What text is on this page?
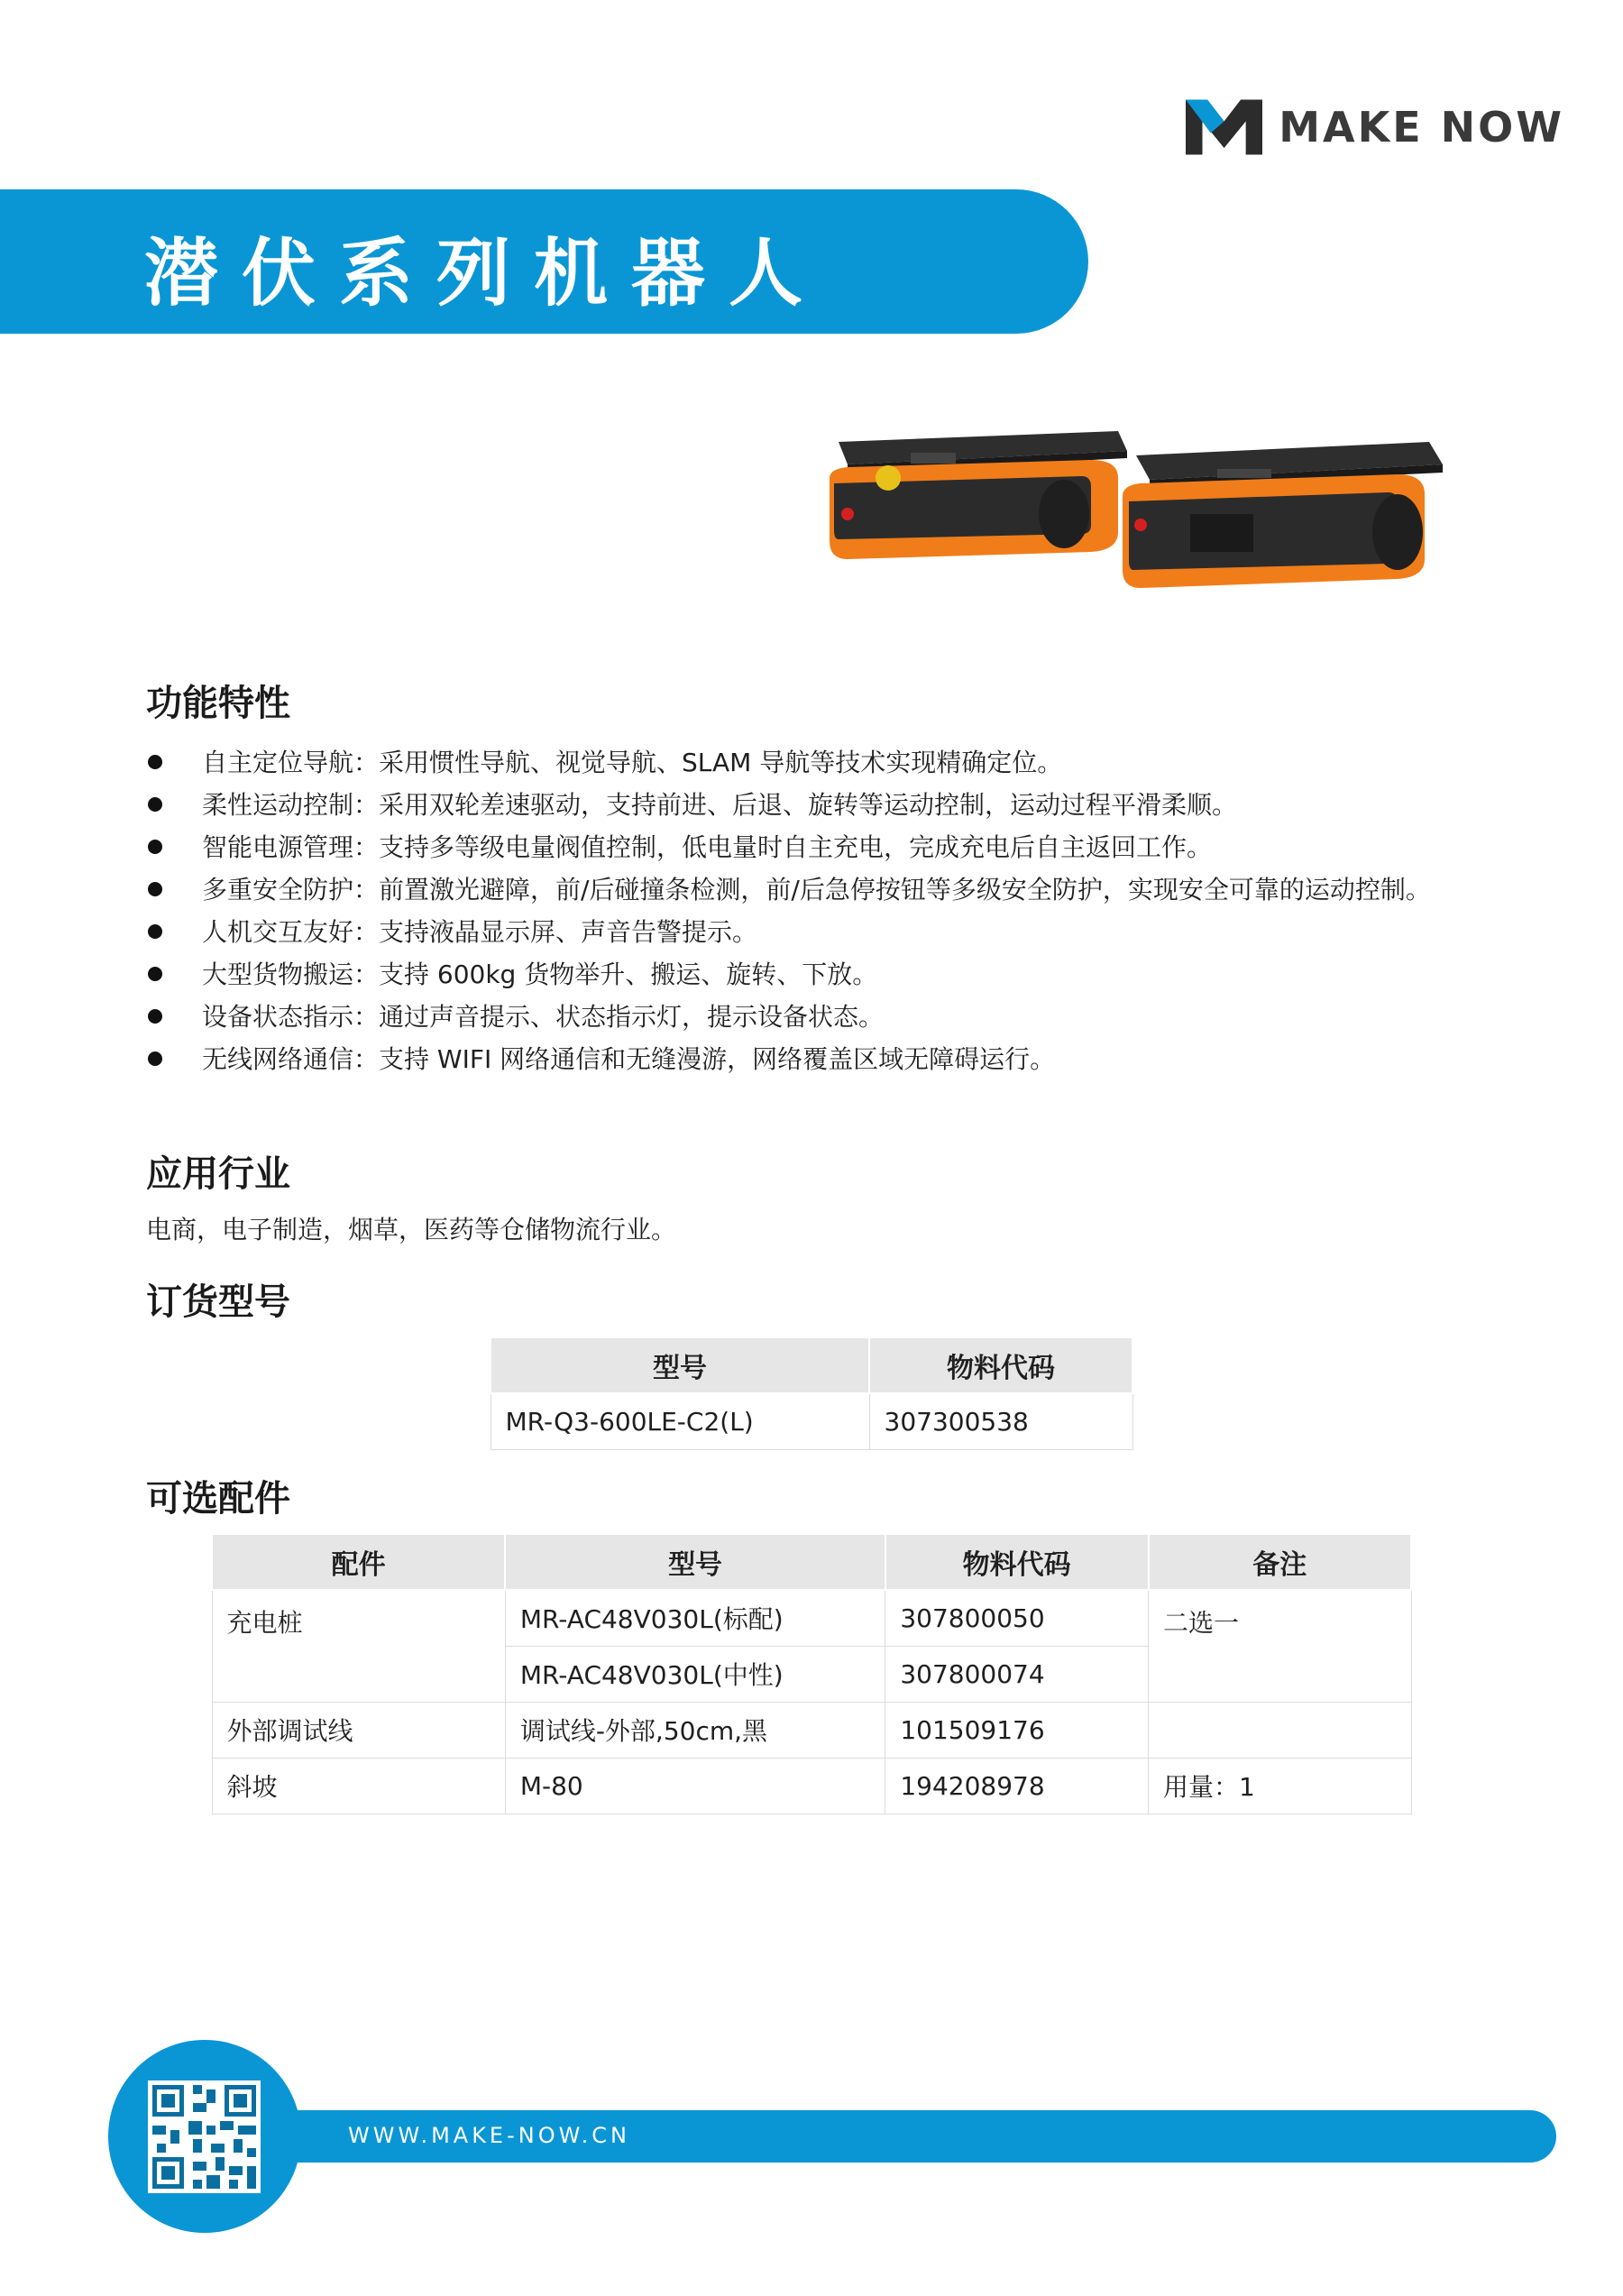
MAKE NOW
潜伏系列机器人
功能特性
自主定位导航：采用惯性导航、视觉导航、SLAM 导航等技术实现精确定位。
柔性运动控制：采用双轮差速驱动，支持前进、后退、旋转等运动控制，运动过程平滑柔顺。
智能电源管理：支持多等级电量阀值控制，低电量时自主充电，完成充电后自主返回工作。
多重安全防护：前置激光避障，前/后碰撞条检测，前/后急停按钮等多级安全防护，实现安全可靠的运动控制。
人机交互友好：支持液晶显示屏、声音告警提示。
大型货物搬运：支持 600kg 货物举升、搬运、旋转、下放。
设备状态指示：通过声音提示、状态指示灯，提示设备状态。
无线网络通信：支持 WIFI 网络通信和无缝漫游，网络覆盖区域无障碍运行。
应用行业
电商，电子制造，烟草，医药等仓储物流行业。
订货型号
型号	物料代码
MR-Q3-600LE-C2(L)	307300538
可选配件
配件	型号	物料代码	备注
充电桩	MR-AC48V030L(标配)	307800050	二选一
	MR-AC48V030L(中性)	307800074	
外部调试线	调试线-外部,50cm,黑	101509176	
斜坡	M-80	194208978	用量：1
WWW.MAKE-NOW.CN
